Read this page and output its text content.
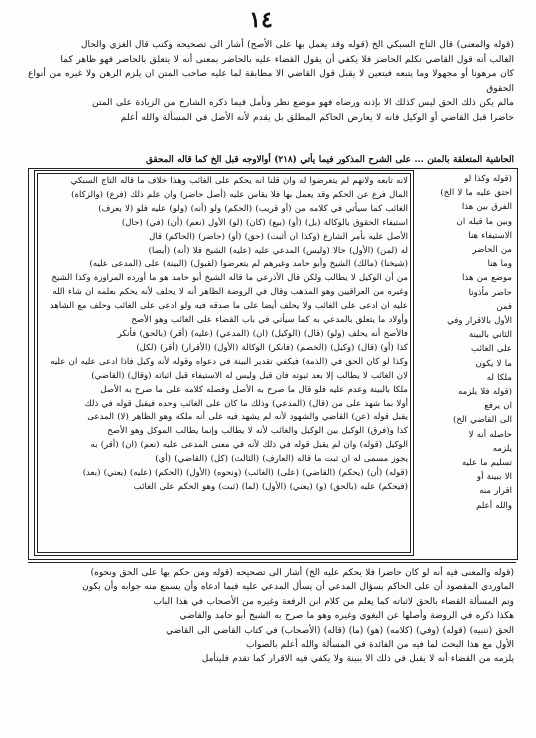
١٤

(قوله والمعنى) قال التاج السبكي الخ (قوله وقد يعمل بها على الأصح) أشار الى تصحيحه وكتب قال الغزي والحال

الغالب أنه قول القاضي تكلم الحاضر فلا يكفي أن يقول القضاء عليه بالحاضر بمعنى أنه لا يتعلق بالحاضر فهو ظاهر كما

كان مرهونا أو مجهولا وما يتبعه فيتعين لا يقبل قول القاضي الا مطابقة لما عليه صاحب المتن ان يلزم الرهن ولا غيره من أنواع الحقوق

مالم يكن ذلك الحق ليس كذلك الا بإذنه ورضاه فهو موضع نظر وتأمل فيما ذكره الشارح من الزيادة على المتن

حاضرا قبل القاضي أو الوكيل فانه لا يعارض الحاكم المطلق بل يقدم لأنه الأصل في المسألة والله أعلم

الحاشية المتعلقة بالمتن ... على الشرح المذكور فيما يأتي (٢١٨) أوالاوجه قبل الخ كما قاله المحقق

(قوله وكذا لو

احتق عليه ما لا الخ)

الفرق بين هذا

وبين ما قبله ان

الاستيفاء هنا

من الحاضر

وما هنا

موضع من هذا

حاضر مأذونا

فمن

الأول بالاقرار وفي

الثاني بالبينة

على الغائب

ما لا يكون

ملكا له

(قوله فلا يلزمه

ان يرفع

الى القاضي الخ)

حاصله أنه لا

يلزمه

تسليم ما عليه

الا ببينة أو

اقرار منه

والله أعلم

لانه تابعه ولانهم لم يتعرضوا له وان قلنا انه يحكم على الغائب وهذا خلاف ما قاله التاج السبكي

المال فرع عن الحكم وقد يعمل بها فلا يقاس عليه (أصل حاضر) وان علم ذلك (فرع) (والزكاة)

الغائب كما سيأتي في كلامه من (أو قريب) (الحكم) ولو (أنه) (ولو) عليه فلو (لا يعرف)

استيفاء الحقوق بالوكالة (بل) (أو) (بيع) (كان) (لو) الأول (نعم) (أن) (في) (حال)

الأصل عليه بأمر الشارع (وكذا ان أثبت) (حق) (أو) (حاضر) (الحاكم) قال

له (لمن) (الأول) حالا (وليس) المدعي عليه (عليه) الشيخ فلا (أنه) (أيضا)

(شيخنا) (مالك) الشيخ وأبو حامد وغيرهم لم يتعرضوا (لقبول) (البينة) على (المدعى عليه)

من أن الوكيل لا يطالب ولكن قال الأذرعي ما قاله الشيخ أبو حامد هو ما أورده المراوزة وكذا الشيخ

وغيره من العراقيين وهو المذهب وقال في الروضة الظاهر أنه لا يحلف لأنه يحكم بعلمه ان شاء الله

عليه ان ادعى على الغائب ولا يحلف أيضا على ما صدقه فيه ولو ادعى على الغائب وحلف مع الشاهد

وأولاد ما يتعلق بالمدعي به كما سيأتي في باب القضاء على الغائب وهو الأصح

فالأصح أنه يحلف (ولو) (قال) (الوكيل) (ان) (المدعي) (عليه) (أقر) (بالحق) فأنكر

كذا (أو) (قال) (وكيل) (الخصم) (فانكر) الوكالة (الأول) (الأقرار) (أقر) (لكل)

وكذا لو كان الحق في (الذمة) فيكفي تقدير البينة في دعواه وقوله لأنه وكيل فاذا ادعى عليه ان عليه

لان الغائب لا يطالب إلا بعد ثبوته فان قبل وليس له الاستيفاء قبل اثباته (وقال) (القاضي)

ملكا بالبينة وعدم عليه فلو قال ما صرح به الأصل وفصله كلامه على ما صرح به الأصل

أولا بما شهد على من (قال) (المدعي) وذلك ما كان على الغائب وحده فيقبل قوله في ذلك

يقبل قوله (عن) القاضي والشهود لأنه لم يشهد فيه على أنه ملكه وهو الظاهر (لا) المدعى

كذا و(فرق) الوكيل بين الوكيل والغائب لأنه لا يطالب وإنما يطالب الموكل وهو الأصح

الوكيل (قوله) وان لم يقبل قوله في ذلك لأنه في معنى المدعى عليه (نعم) (ان) (أقر) به

يجوز مسمى له ان ثبت ما قاله (العارف) (الثالث) (كل) (القاضي) (أي)

(قوله) (أن) (يحكم) (القاضي) (على) (الغائب) (ونحوه) (الأول) (الحكم) (عليه) (يعني) (بعد)

(فيحكم) عليه (بالحق) (و) (يعني) (الأول) (لما) (ثبت) وهو الحكم على الغائب

(قوله والمعنى فيه أنه لو كان حاضرا فلا يحكم عليه الخ) أشار الى تصحيحه (قوله ومن حكم بها على الحق ونحوه)

الماوردي المقصود أن على الحاكم بسؤال المدعي أن يسأل المدعي عليه فيما ادعاه وأن يسمع منه جوابه وأن يكون

وتم المسألة القضاء بالحق لاثباته كما يعلم من كلام ابن الرفعة وغيره من الأصحاب في هذا الباب

هكذا ذكره في الروضة وأصلها عن البغوي وغيره وهو ما صرح به الشيخ أبو حامد والقاضي

الحق (تنبيه) (قوله) (وفي) (كلامه) (هو) (ما) (قاله) (الأصحاب) في كتاب القاضي الى القاضي

الأول مع هذا البحث لما فيه من الفائدة في المسألة والله أعلم بالصواب

يلزمه من القضاء أنه لا يقبل في ذلك الا ببينة ولا يكفي فيه الاقرار كما تقدم فليتأمل
